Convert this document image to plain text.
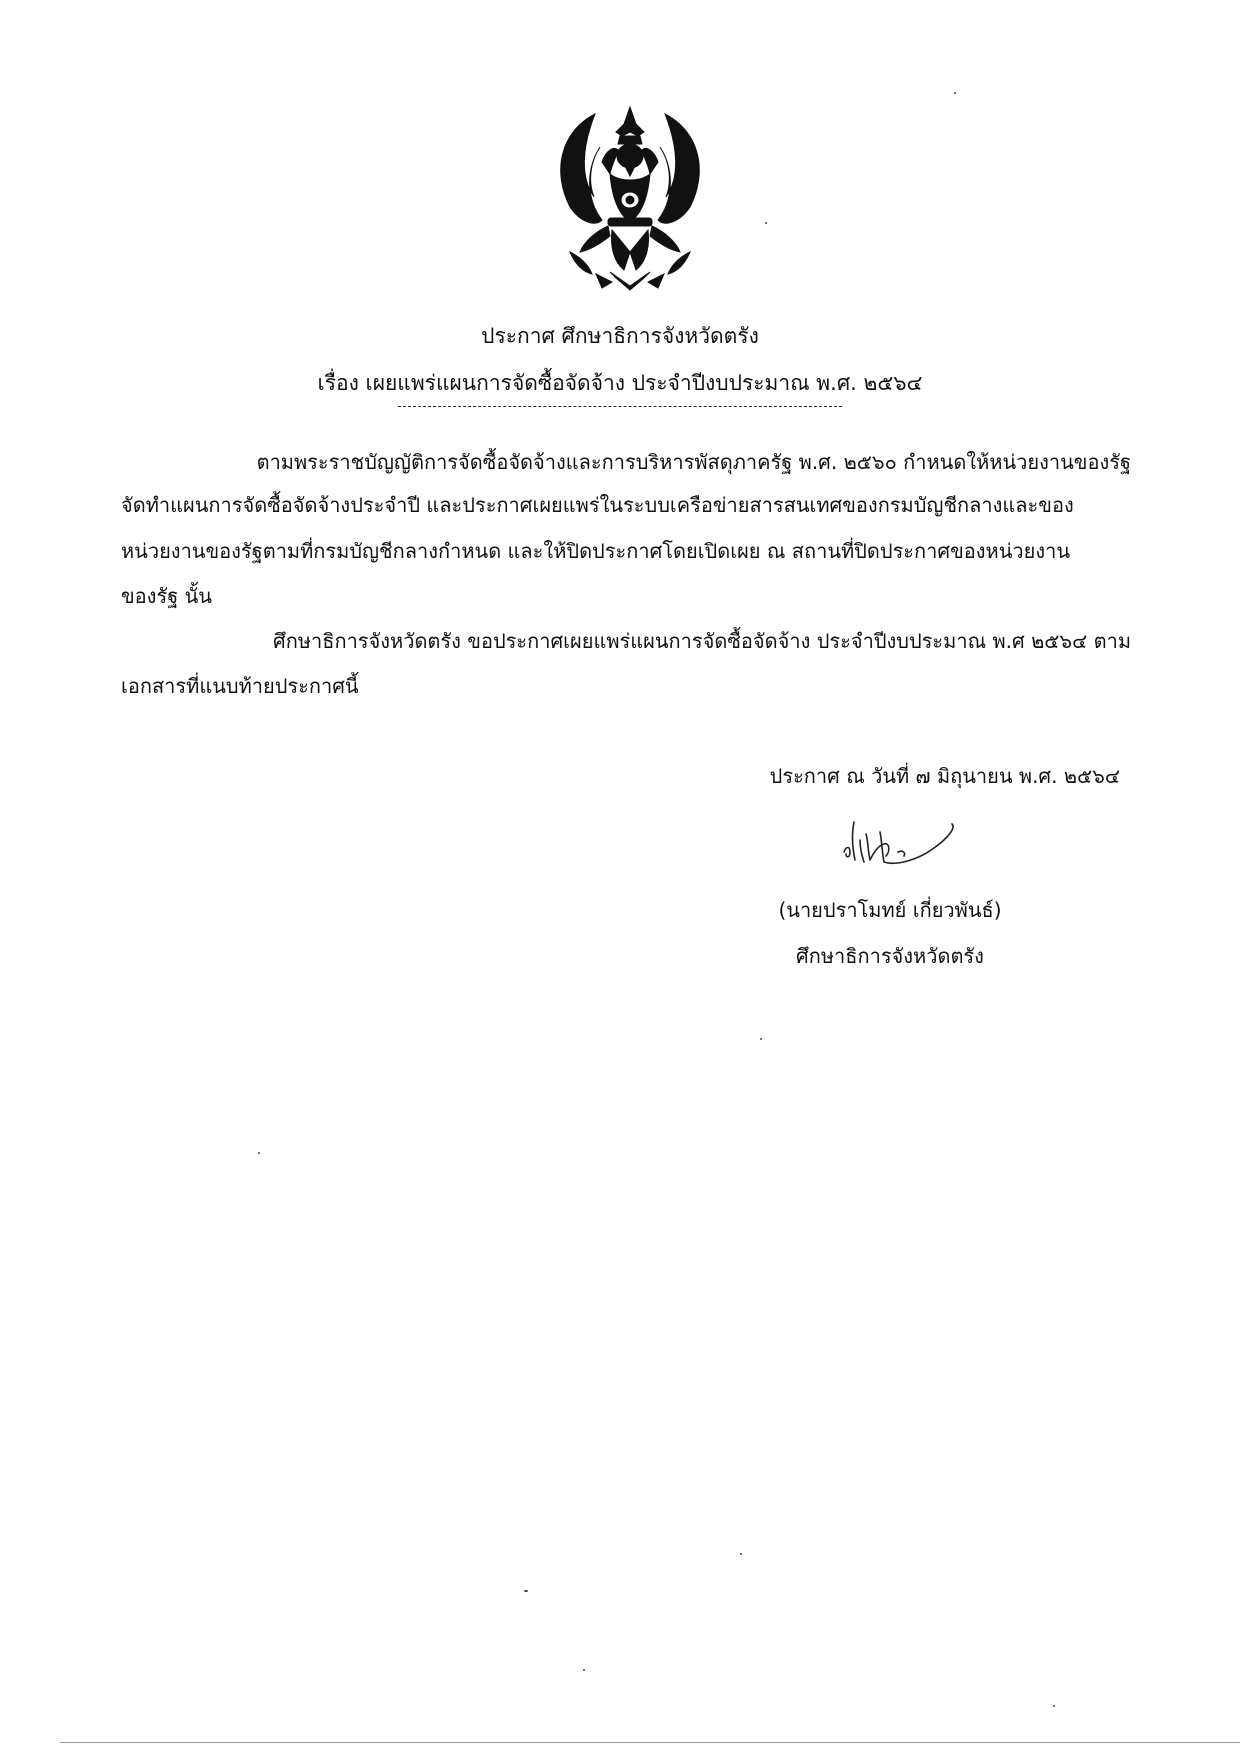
ประกาศ ศึกษาธิการจังหวัดตรัง
เรื่อง เผยแพร่แผนการจัดซื้อจัดจ้าง ประจำปีงบประมาณ พ.ศ. ๒๕๖๔
ตามพระราชบัญญัติการจัดซื้อจัดจ้างและการบริหารพัสดุภาครัฐ พ.ศ. ๒๕๖๐ กำหนดให้หน่วยงานของรัฐ
จัดทำแผนการจัดซื้อจัดจ้างประจำปี และประกาศเผยแพร่ในระบบเครือข่ายสารสนเทศของกรมบัญชีกลางและของ
หน่วยงานของรัฐตามที่กรมบัญชีกลางกำหนด และให้ปิดประกาศโดยเปิดเผย ณ สถานที่ปิดประกาศของหน่วยงาน
ของรัฐ นั้น
ศึกษาธิการจังหวัดตรัง ขอประกาศเผยแพร่แผนการจัดซื้อจัดจ้าง ประจำปีงบประมาณ พ.ศ ๒๕๖๔ ตาม
เอกสารที่แนบท้ายประกาศนี้
ประกาศ ณ วันที่ ๗ มิถุนายน พ.ศ. ๒๕๖๔
(นายปราโมทย์ เกี่ยวพันธ์)
ศึกษาธิการจังหวัดตรัง
